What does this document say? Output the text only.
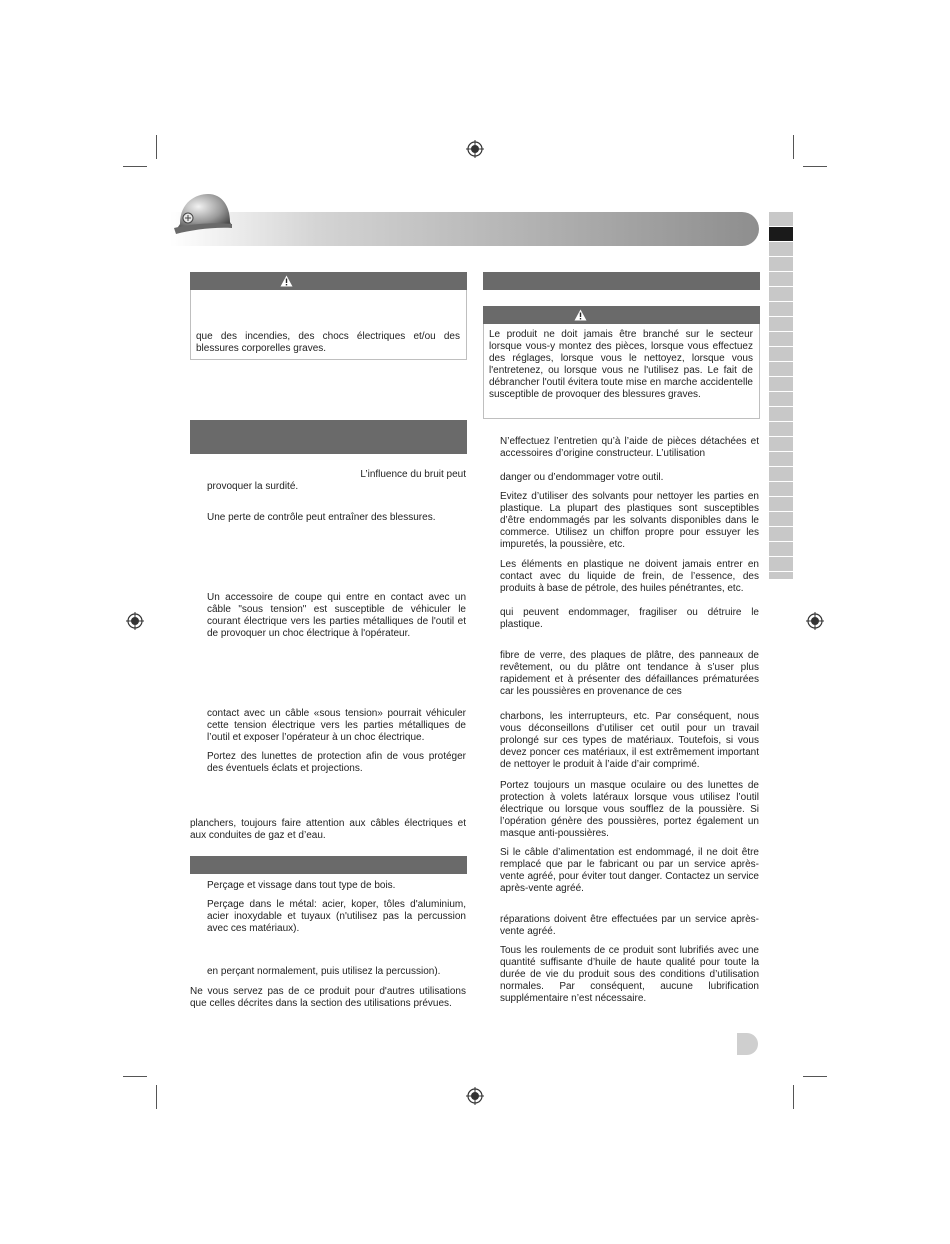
que des incendies, des chocs électriques et/ou des blessures corporelles graves.
L’influence du bruit peut
provoquer la surdité.
Une perte de contrôle peut entraîner des blessures.
Un accessoire de coupe qui entre en contact avec un câble "sous tension" est susceptible de véhiculer le courant électrique vers les parties métalliques de l'outil et de provoquer un choc électrique à l'opérateur.
contact avec un câble «sous tension» pourrait véhiculer cette tension électrique vers les parties métalliques de l’outil et exposer l’opérateur à un choc électrique.
Portez des lunettes de protection afin de vous protéger des éventuels éclats et projections.
planchers, toujours faire attention aux câbles électriques et aux conduites de gaz et d’eau.
Perçage et vissage dans tout type de bois.
Perçage dans le métal: acier, koper, tôles d'aluminium, acier inoxydable et tuyaux (n'utilisez pas la percussion avec ces matériaux).
en perçant normalement, puis utilisez la percussion).
Ne vous servez pas de ce produit pour d'autres utilisations que celles décrites dans la section des utilisations prévues.
Le produit ne doit jamais être branché sur le secteur lorsque vous-y montez des pièces, lorsque vous effectuez des réglages, lorsque vous le nettoyez, lorsque vous l'entretenez, ou lorsque vous ne l'utilisez pas. Le fait de débrancher l'outil évitera toute mise en marche accidentelle susceptible de provoquer des blessures graves.
N’effectuez l’entretien qu’à l’aide de pièces détachées et accessoires d’origine constructeur. L’utilisation
danger ou d’endommager votre outil.
Evitez d’utiliser des solvants pour nettoyer les parties en plastique. La plupart des plastiques sont susceptibles d’être endommagés par les solvants disponibles dans le commerce. Utilisez un chiffon propre pour essuyer les impuretés, la poussière, etc.
Les éléments en plastique ne doivent jamais entrer en contact avec du liquide de frein, de l’essence, des produits à base de pétrole, des huiles pénétrantes, etc.
qui peuvent endommager, fragiliser ou détruire le plastique.
fibre de verre, des plaques de plâtre, des panneaux de revêtement, ou du plâtre ont tendance à s’user plus rapidement et à présenter des défaillances prématurées car les poussières en provenance de ces
charbons, les interrupteurs, etc. Par conséquent, nous vous déconseillons d’utiliser cet outil pour un travail prolongé sur ces types de matériaux. Toutefois, si vous devez poncer ces matériaux, il est extrêmement important de nettoyer le produit à l’aide d’air comprimé.
Portez toujours un masque oculaire ou des lunettes de protection à volets latéraux lorsque vous utilisez l’outil électrique ou lorsque vous soufflez de la poussière. Si l’opération génère des poussières, portez également un masque anti-poussières.
Si le câble d’alimentation est endommagé, il ne doit être remplacé que par le fabricant ou par un service après-vente agréé, pour éviter tout danger. Contactez un service après-vente agréé.
réparations doivent être effectuées par un service après-vente agréé.
Tous les roulements de ce produit sont lubrifiés avec une quantité suffisante d’huile de haute qualité pour toute la durée de vie du produit sous des conditions d’utilisation normales. Par conséquent, aucune lubrification supplémentaire n’est nécessaire.
